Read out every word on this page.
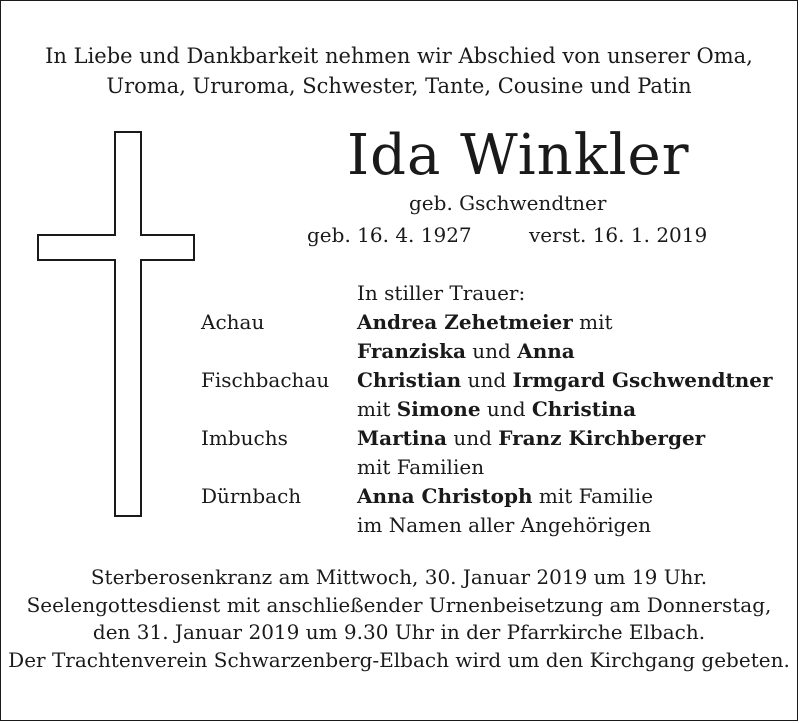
In Liebe und Dankbarkeit nehmen wir Abschied von unserer Oma,
Uroma, Ururoma, Schwester, Tante, Cousine und Patin
Ida Winkler
geb. Gschwendtner
geb. 16. 4. 1927	verst. 16. 1. 2019
In stiller Trauer:
Achau	Andrea Zehetmeier mit
Franziska und Anna
Fischbachau	Christian und Irmgard Gschwendtner
mit Simone und Christina
Imbuchs	Martina und Franz Kirchberger
mit Familien
Dürnbach	Anna Christoph mit Familie
im Namen aller Angehörigen
Sterberosenkranz am Mittwoch, 30. Januar 2019 um 19 Uhr.
Seelengottesdienst mit anschließender Urnenbeisetzung am Donnerstag,
den 31. Januar 2019 um 9.30 Uhr in der Pfarrkirche Elbach.
Der Trachtenverein Schwarzenberg-Elbach wird um den Kirchgang gebeten.
